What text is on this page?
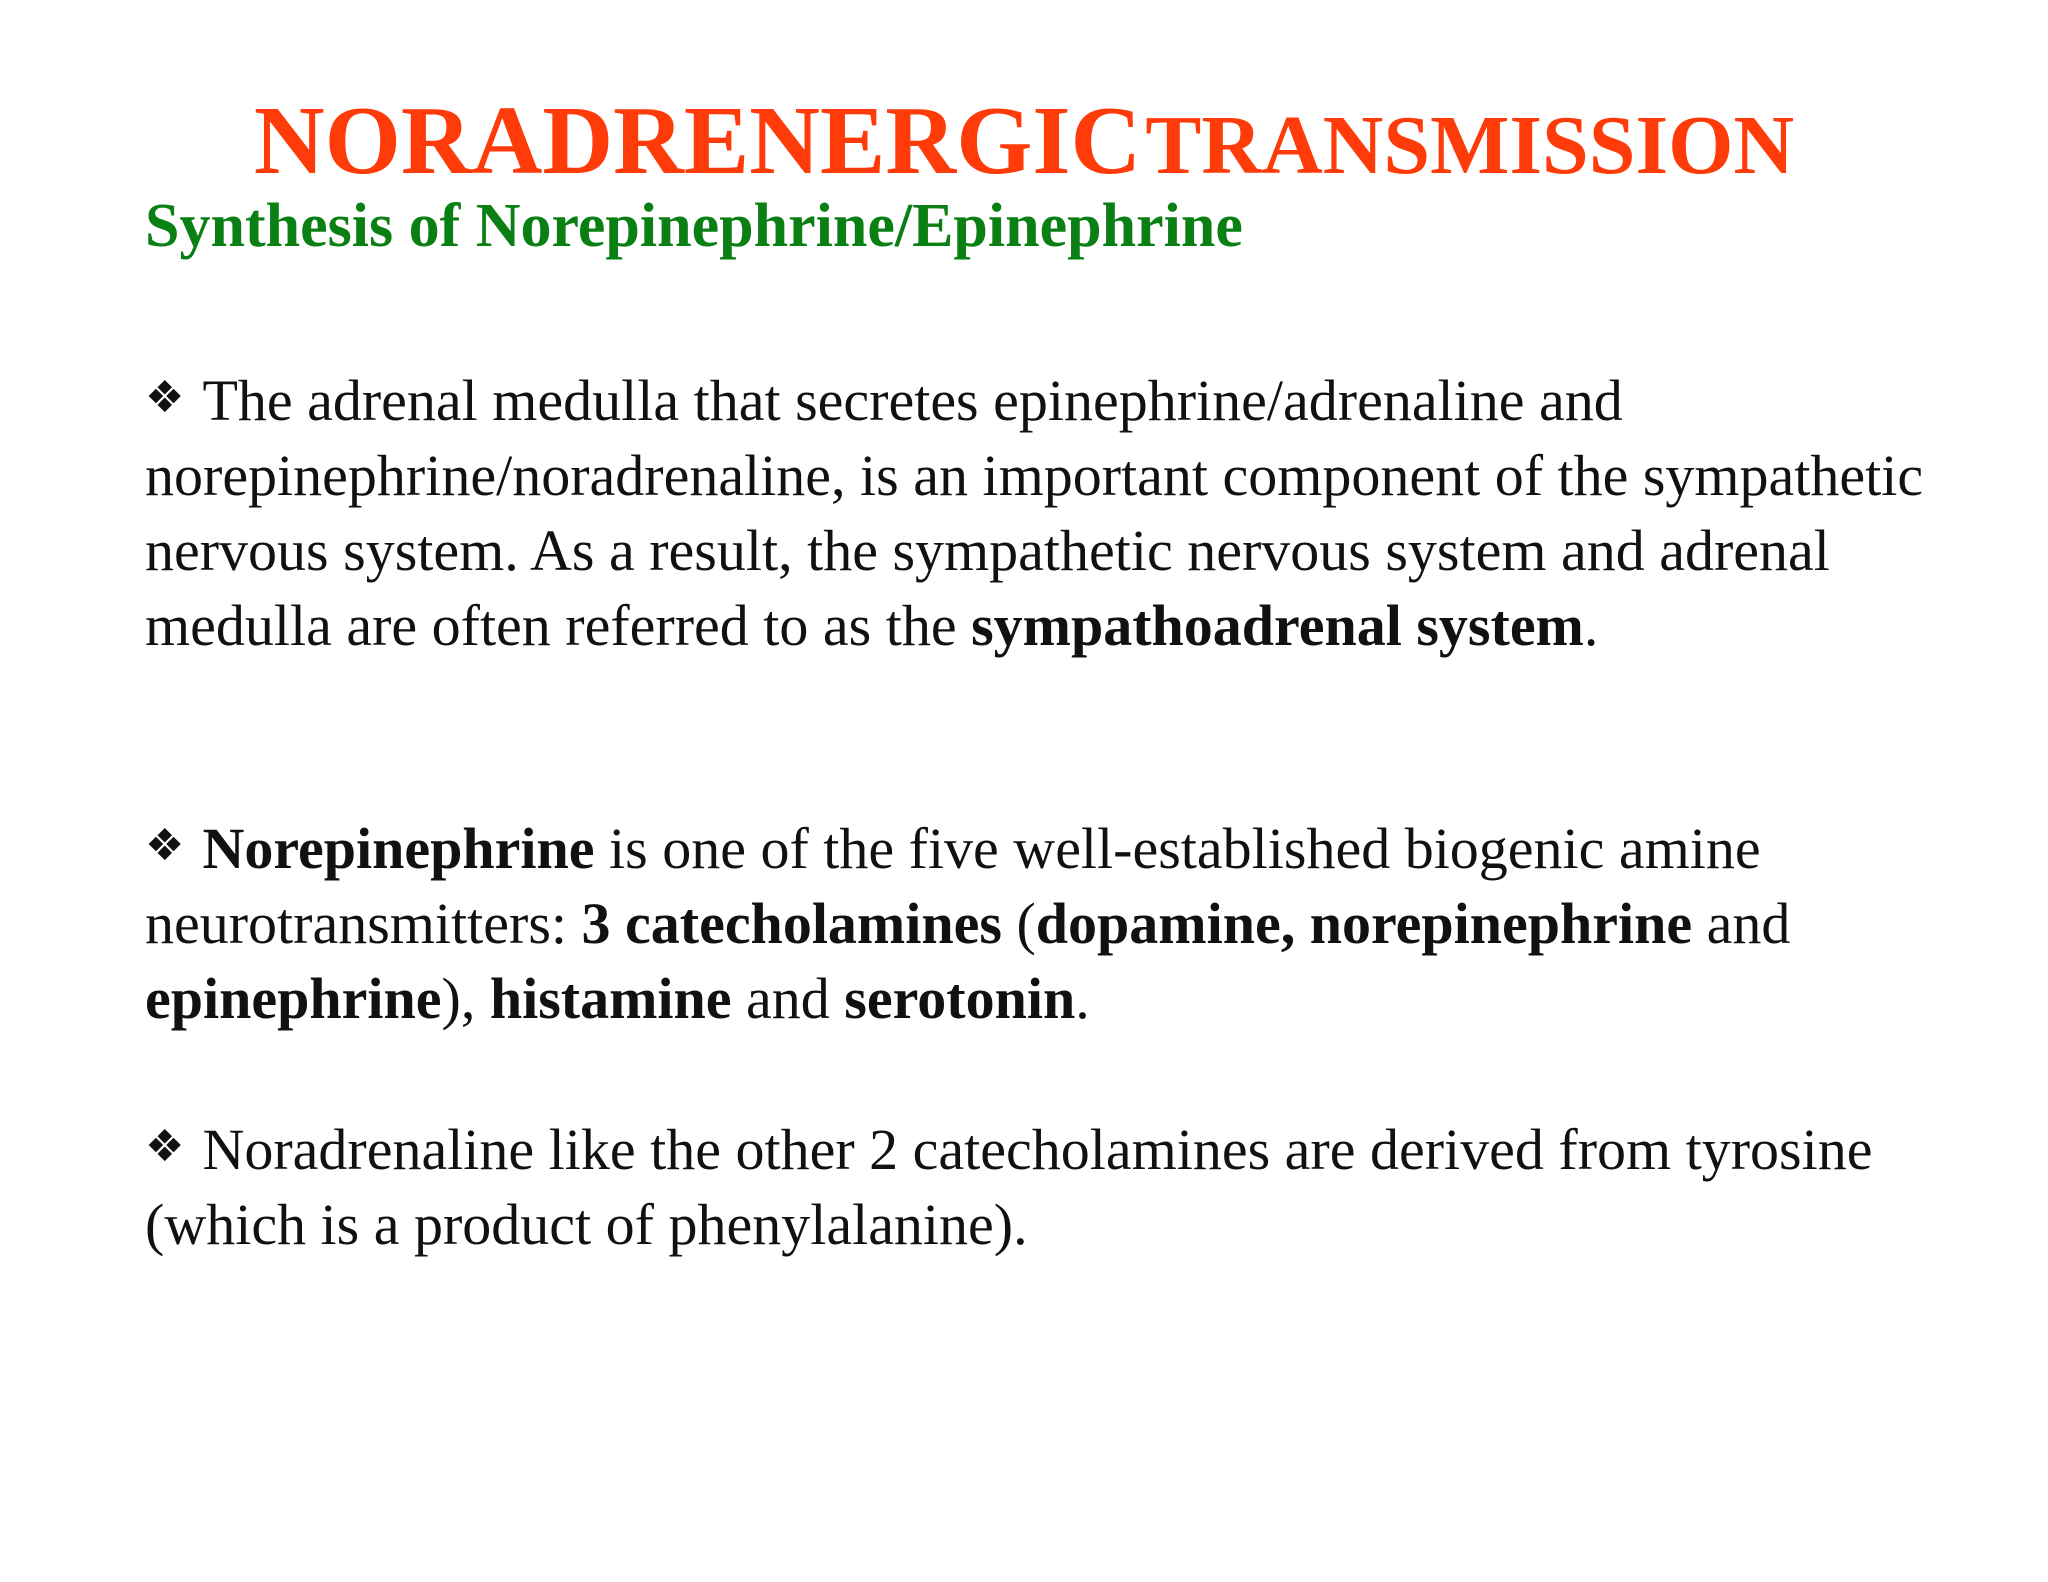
NORADRENERGIC TRANSMISSION
Synthesis of Norepinephrine/Epinephrine

❖ The adrenal medulla that secretes epinephrine/adrenaline and norepinephrine/noradrenaline, is an important component of the sympathetic nervous system. As a result, the sympathetic nervous system and adrenal medulla are often referred to as the sympathoadrenal system.

❖ Norepinephrine is one of the five well-established biogenic amine neurotransmitters: 3 catecholamines (dopamine, norepinephrine and epinephrine), histamine and serotonin.

❖ Noradrenaline like the other 2 catecholamines are derived from tyrosine (which is a product of phenylalanine).
